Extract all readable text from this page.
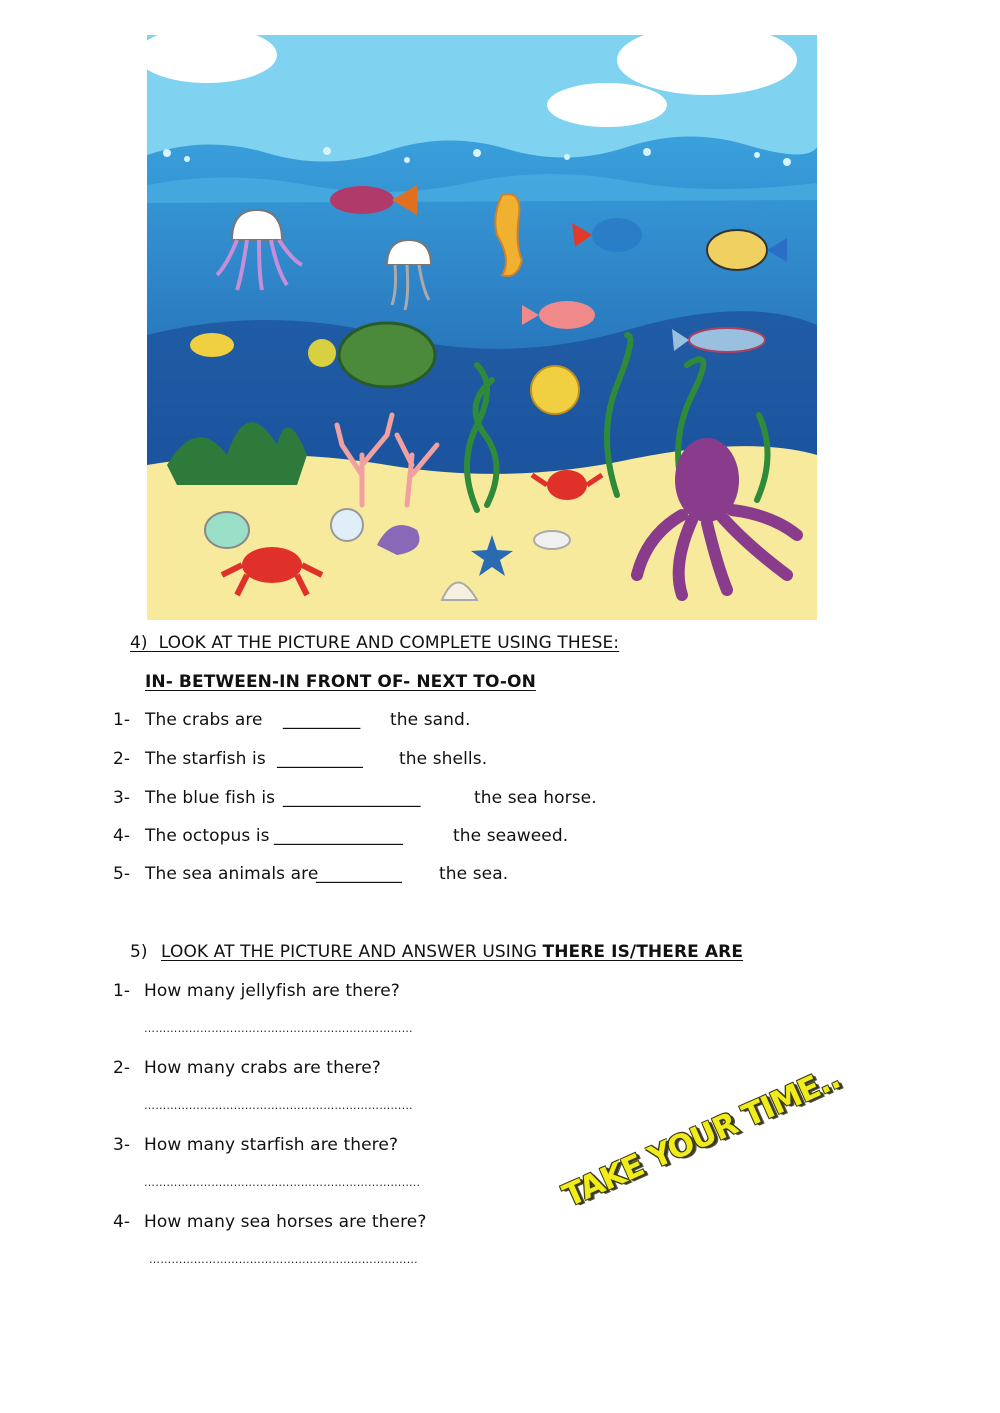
4)  LOOK AT THE PICTURE AND COMPLETE USING THESE:
IN- BETWEEN-IN FRONT OF- NEXT TO-ON
1- The crabs are _________ the sand.
2- The starfish is __________ the shells.
3- The blue fish is ________________	the sea horse.
4- The octopus is _______________	the seaweed.
5- The sea animals are
__________ the sea.
5) LOOK AT THE PICTURE AND ANSWER USING THERE IS/THERE ARE
1- How many jellyfish are there?
………………………………………………………………
2- How many crabs are there?
………………………………………………………………
3- How many starfish are there?
………………………………………………………………..
4- How many sea horses are there?
………………………………………………………………
TAKE YOUR TIME..
